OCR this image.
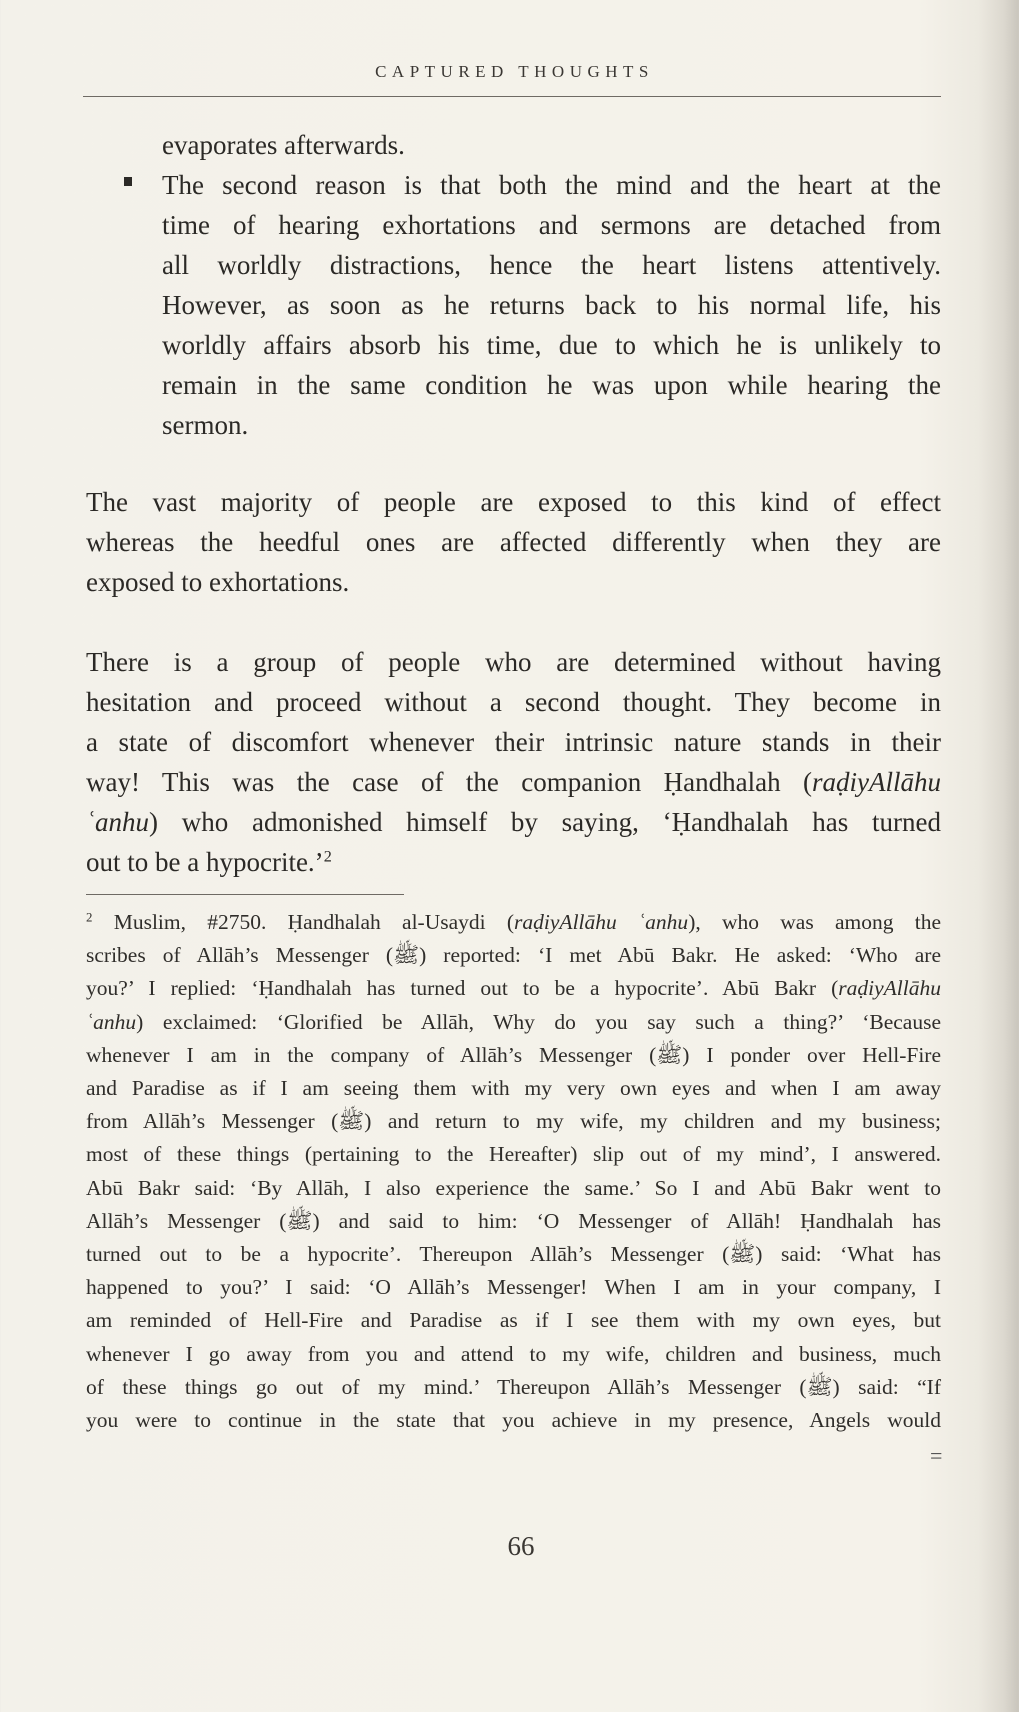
CAPTURED THOUGHTS
evaporates afterwards.
The second reason is that both the mind and the heart at the
time of hearing exhortations and sermons are detached from
all worldly distractions, hence the heart listens attentively.
However, as soon as he returns back to his normal life, his
worldly affairs absorb his time, due to which he is unlikely to
remain in the same condition he was upon while hearing the
sermon.
The vast majority of people are exposed to this kind of effect
whereas the heedful ones are affected differently when they are
exposed to exhortations.
There is a group of people who are determined without having
hesitation and proceed without a second thought. They become in
a state of discomfort whenever their intrinsic nature stands in their
way! This was the case of the companion Ḥandhalah (raḍiyAllāhu
ʿanhu) who admonished himself by saying, ‘Ḥandhalah has turned
out to be a hypocrite.’$^2$
$^2$ Muslim, #2750. Ḥandhalah al-Usaydi (raḍiyAllāhu ʿanhu), who was among the
scribes of Allāh’s Messenger (ﷺ) reported: ‘I met Abū Bakr. He asked: ‘Who are
you?’ I replied: ‘Ḥandhalah has turned out to be a hypocrite’. Abū Bakr (raḍiyAllāhu
ʿanhu) exclaimed: ‘Glorified be Allāh, Why do you say such a thing?’ ‘Because
whenever I am in the company of Allāh’s Messenger (ﷺ) I ponder over Hell-Fire
and Paradise as if I am seeing them with my very own eyes and when I am away
from Allāh’s Messenger (ﷺ) and return to my wife, my children and my business;
most of these things (pertaining to the Hereafter) slip out of my mind’, I answered.
Abū Bakr said: ‘By Allāh, I also experience the same.’ So I and Abū Bakr went to
Allāh’s Messenger (ﷺ) and said to him: ‘O Messenger of Allāh! Ḥandhalah has
turned out to be a hypocrite’. Thereupon Allāh’s Messenger (ﷺ) said: ‘What has
happened to you?’ I said: ‘O Allāh’s Messenger! When I am in your company, I
am reminded of Hell-Fire and Paradise as if I see them with my own eyes, but
whenever I go away from you and attend to my wife, children and business, much
of these things go out of my mind.’ Thereupon Allāh’s Messenger (ﷺ) said: “If
you were to continue in the state that you achieve in my presence, Angels would
=
66
